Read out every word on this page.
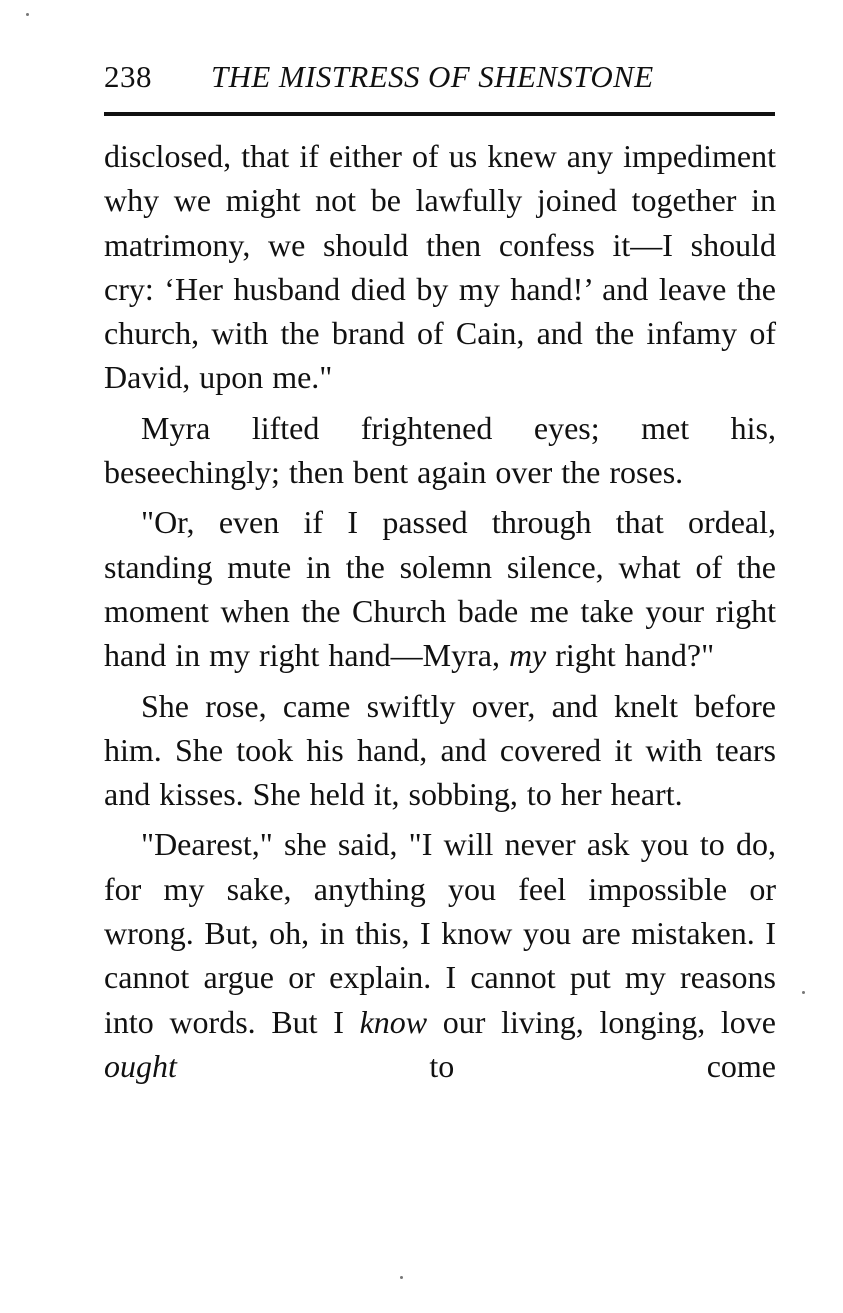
238 THE MISTRESS OF SHENSTONE

disclosed, that if either of us knew any impediment why we might not be lawfully joined together in matrimony, we should then confess it—I should cry: ‘Her husband died by my hand!’ and leave the church, with the brand of Cain, and the infamy of David, upon me."

Myra lifted frightened eyes; met his, beseechingly; then bent again over the roses.

"Or, even if I passed through that ordeal, standing mute in the solemn silence, what of the moment when the Church bade me take your right hand in my right hand—Myra, my right hand?"

She rose, came swiftly over, and knelt before him. She took his hand, and covered it with tears and kisses. She held it, sobbing, to her heart.

"Dearest," she said, "I will never ask you to do, for my sake, anything you feel impossible or wrong. But, oh, in this, I know you are mistaken. I cannot argue or explain. I cannot put my reasons into words. But I know our living, longing, love ought to come
